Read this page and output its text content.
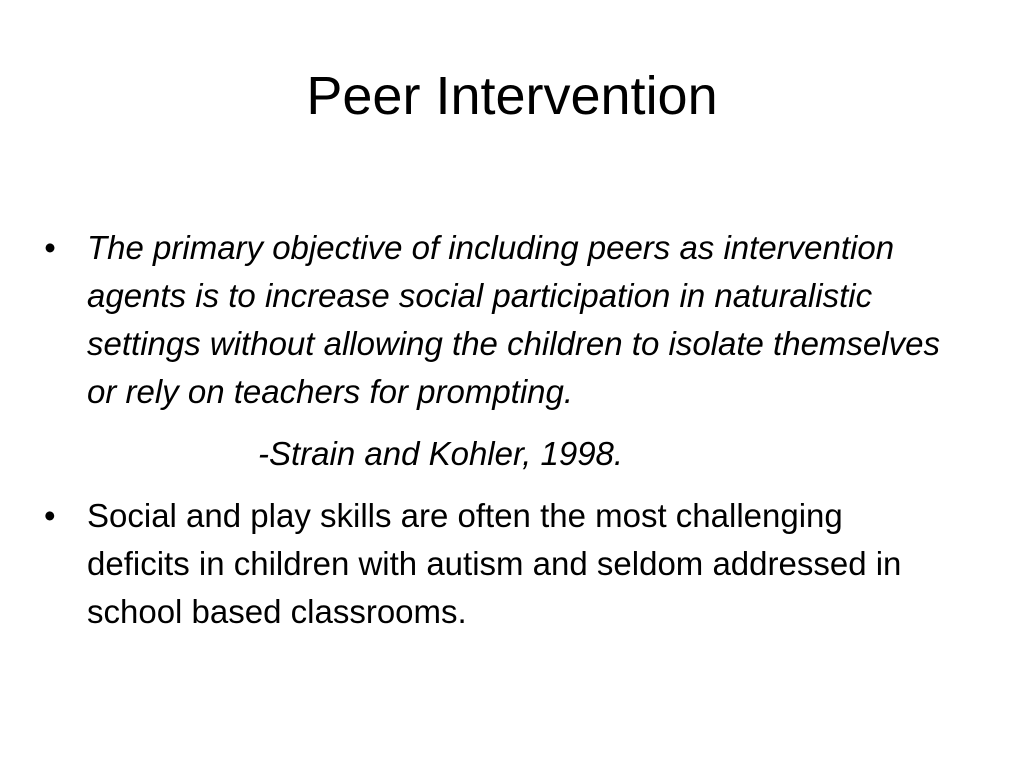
Peer Intervention

• The primary objective of including peers as intervention agents is to increase social participation in naturalistic settings without allowing the children to isolate themselves or rely on teachers for prompting.

-Strain and Kohler, 1998.

• Social and play skills are often the most challenging deficits in children with autism and seldom addressed in school based classrooms.
